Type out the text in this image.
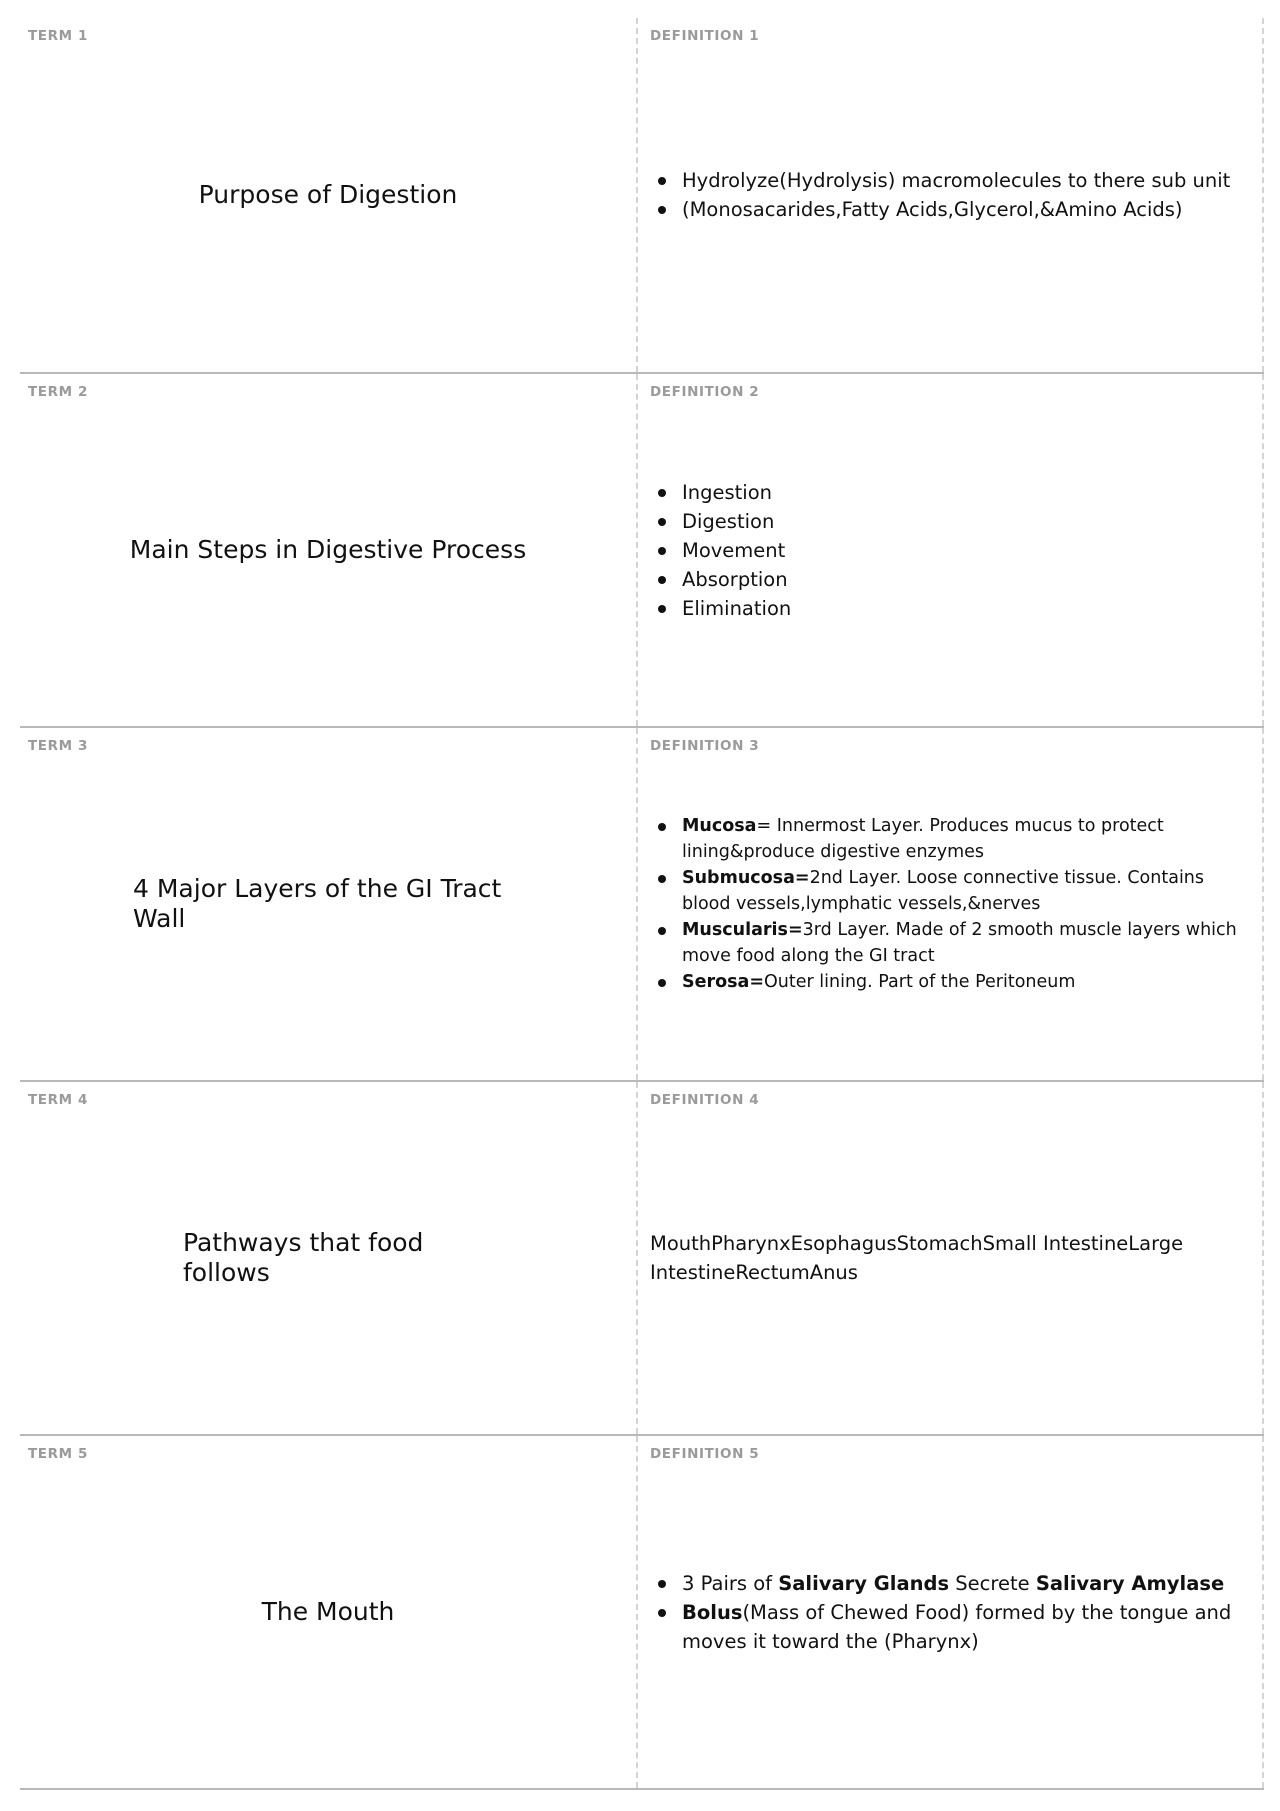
TERM 1
Purpose of Digestion
DEFINITION 1
Hydrolyze(Hydrolysis) macromolecules to there sub unit
(Monosacarides,Fatty Acids,Glycerol,&Amino Acids)
TERM 2
Main Steps in Digestive Process
DEFINITION 2
Ingestion
Digestion
Movement
Absorption
Elimination
TERM 3
4 Major Layers of the GI Tract Wall
DEFINITION 3
Mucosa= Innermost Layer. Produces mucus to protect lining&produce digestive enzymes
Submucosa=2nd Layer. Loose connective tissue. Contains blood vessels,lymphatic vessels,&nerves
Muscularis=3rd Layer. Made of 2 smooth muscle layers which move food along the GI tract
Serosa=Outer lining. Part of the Peritoneum
TERM 4
Pathways that food follows
DEFINITION 4
MouthPharynxEsophagusStomachSmall IntestineLarge IntestineRectumAnus
TERM 5
The Mouth
DEFINITION 5
3 Pairs of Salivary Glands Secrete Salivary Amylase
Bolus(Mass of Chewed Food) formed by the tongue and moves it toward the (Pharynx)
